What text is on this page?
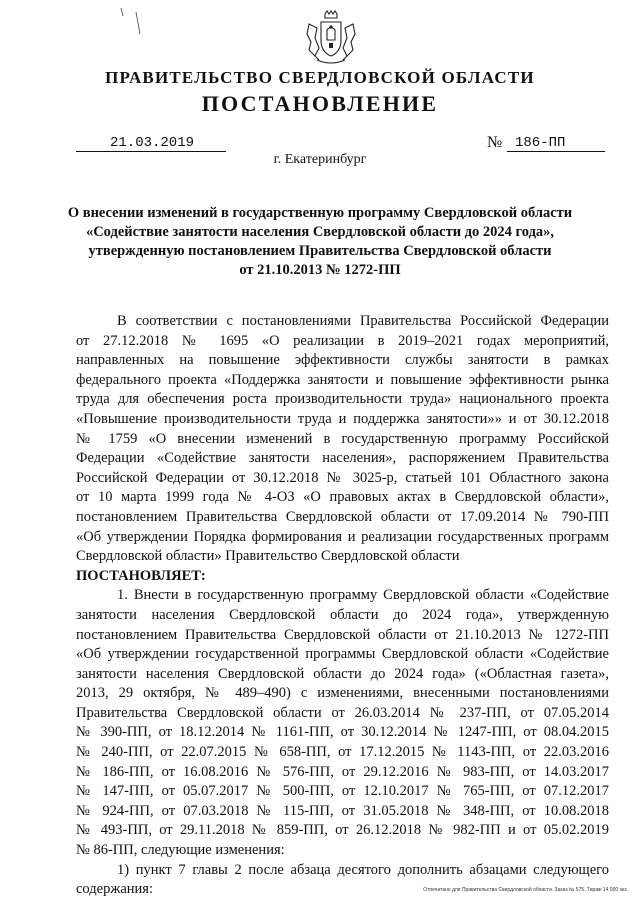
ПРАВИТЕЛЬСТВО СВЕРДЛОВСКОЙ ОБЛАСТИ
ПОСТАНОВЛЕНИЕ
21.03.2019	№ 186-ПП
г. Екатеринбург
О внесении изменений в государственную программу Свердловской области
«Содействие занятости населения Свердловской области до 2024 года»,
утвержденную постановлением Правительства Свердловской области
от 21.10.2013 № 1272-ПП
В соответствии с постановлениями Правительства Российской Федерации
от 27.12.2018 № 1695 «О реализации в 2019–2021 годах мероприятий,
направленных на повышение эффективности службы занятости в рамках
федерального проекта «Поддержка занятости и повышение эффективности рынка
труда для обеспечения роста производительности труда» национального проекта
«Повышение производительности труда и поддержка занятости»» и от 30.12.2018
№ 1759 «О внесении изменений в государственную программу Российской
Федерации «Содействие занятости населения», распоряжением Правительства
Российской Федерации от 30.12.2018 № 3025-р, статьей 101 Областного закона
от 10 марта 1999 года № 4-ОЗ «О правовых актах в Свердловской области»,
постановлением Правительства Свердловской области от 17.09.2014 № 790-ПП
«Об утверждении Порядка формирования и реализации государственных программ
Свердловской области» Правительство Свердловской области
ПОСТАНОВЛЯЕТ:
1. Внести в государственную программу Свердловской области «Содействие
занятости населения Свердловской области до 2024 года», утвержденную
постановлением Правительства Свердловской области от 21.10.2013 № 1272-ПП
«Об утверждении государственной программы Свердловской области «Содействие
занятости населения Свердловской области до 2024 года» («Областная газета»,
2013, 29 октября, № 489–490) с изменениями, внесенными постановлениями
Правительства Свердловской области от 26.03.2014 № 237-ПП, от 07.05.2014
№ 390-ПП, от 18.12.2014 № 1161-ПП, от 30.12.2014 № 1247-ПП, от 08.04.2015
№ 240-ПП, от 22.07.2015 № 658-ПП, от 17.12.2015 № 1143-ПП, от 22.03.2016
№ 186-ПП, от 16.08.2016 № 576-ПП, от 29.12.2016 № 983-ПП, от 14.03.2017
№ 147-ПП, от 05.07.2017 № 500-ПП, от 12.10.2017 № 765-ПП, от 07.12.2017
№ 924-ПП, от 07.03.2018 № 115-ПП, от 31.05.2018 № 348-ПП, от 10.08.2018
№ 493-ПП, от 29.11.2018 № 859-ПП, от 26.12.2018 № 982-ПП и от 05.02.2019
№ 86-ПП, следующие изменения:
1) пункт 7 главы 2 после абзаца десятого дополнить абзацами следующего
содержания:	Отпечатано для Правительства Свердловской области. Заказ № 575. Тираж 14 000 экз.
